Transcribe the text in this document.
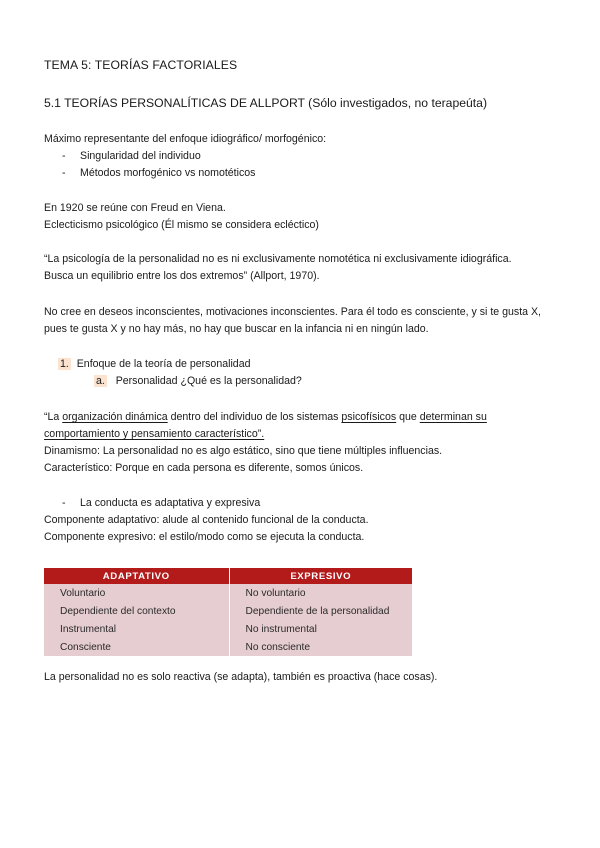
TEMA 5: TEORÍAS FACTORIALES
5.1 TEORÍAS PERSONALÍTICAS DE ALLPORT (Sólo investigados, no terapeúta)
Máximo representante del enfoque idiográfico/ morfogénico:
- Singularidad del individuo
- Métodos morfogénico vs nomotéticos
En 1920 se reúne con Freud en Viena.
Eclecticismo psicológico (Él mismo se considera ecléctico)
“La psicología de la personalidad no es ni exclusivamente nomotética ni exclusivamente idiográfica.
Busca un equilibrio entre los dos extremos” (Allport, 1970).
No cree en deseos inconscientes, motivaciones inconscientes. Para él todo es consciente, y si te gusta X,
pues te gusta X y no hay más, no hay que buscar en la infancia ni en ningún lado.
1. Enfoque de la teoría de personalidad
a. Personalidad ¿Qué es la personalidad?
“La organización dinámica dentro del individuo de los sistemas psicofísicos que determinan su
comportamiento y pensamiento característico”.
Dinamismo: La personalidad no es algo estático, sino que tiene múltiples influencias.
Característico: Porque en cada persona es diferente, somos únicos.
- La conducta es adaptativa y expresiva
Componente adaptativo: alude al contenido funcional de la conducta.
Componente expresivo: el estilo/modo como se ejecuta la conducta.
ADAPTATIVO	EXPRESIVO
Voluntario	No voluntario
Dependiente del contexto	Dependiente de la personalidad
Instrumental	No instrumental
Consciente	No consciente
La personalidad no es solo reactiva (se adapta), también es proactiva (hace cosas).
